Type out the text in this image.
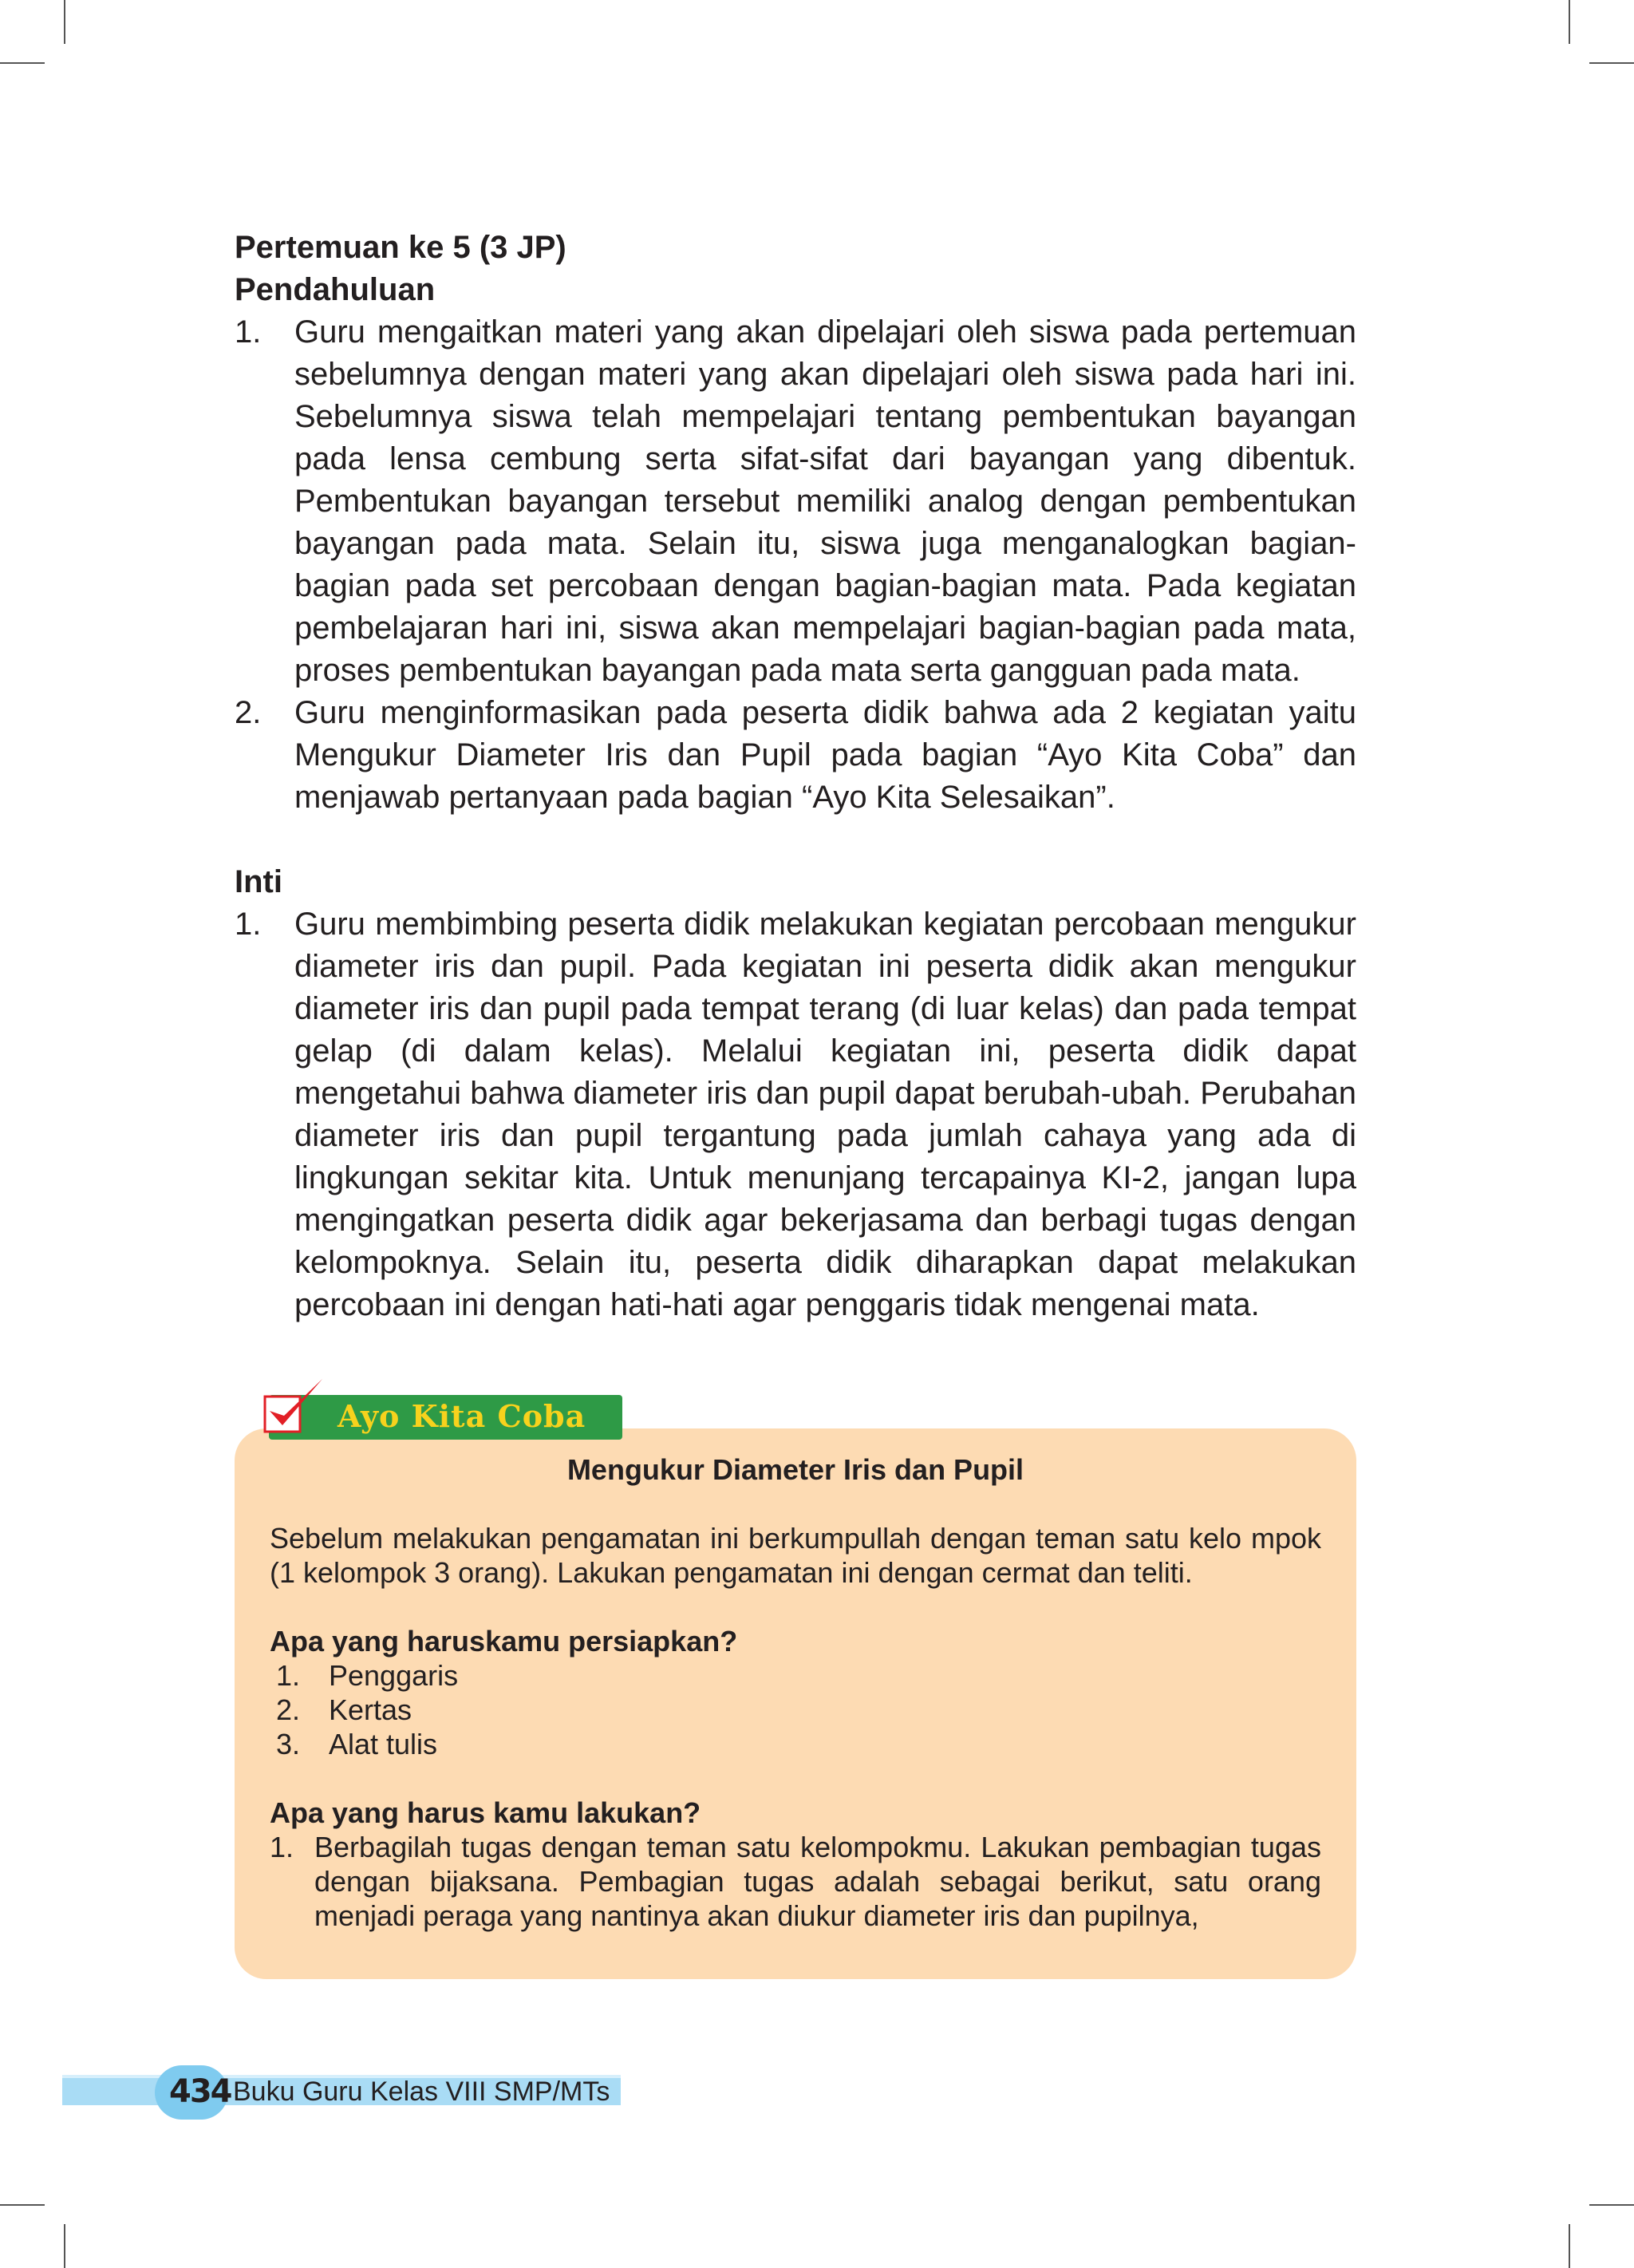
Pertemuan ke 5 (3 JP)
Pendahuluan
1. Guru mengaitkan materi yang akan dipelajari oleh siswa pada pertemuan sebelumnya dengan materi yang akan dipelajari oleh siswa pada hari ini. Sebelumnya siswa telah mempelajari tentang pembentukan bayangan pada lensa cembung serta sifat-sifat dari bayangan yang dibentuk. Pembentukan bayangan tersebut memiliki analog dengan pembentukan bayangan pada mata. Selain itu, siswa juga menganalogkan bagian-bagian pada set percobaan dengan bagian-bagian mata. Pada kegiatan pembelajaran hari ini, siswa akan mempelajari bagian-bagian pada mata, proses pembentukan bayangan pada mata serta gangguan pada mata.
2. Guru menginformasikan pada peserta didik bahwa ada 2 kegiatan yaitu Mengukur Diameter Iris dan Pupil pada bagian “Ayo Kita Coba” dan menjawab pertanyaan pada bagian “Ayo Kita Selesaikan”.
Inti
1. Guru membimbing peserta didik melakukan kegiatan percobaan mengukur diameter iris dan pupil. Pada kegiatan ini peserta didik akan mengukur diameter iris dan pupil pada tempat terang (di luar kelas) dan pada tempat gelap (di dalam kelas). Melalui kegiatan ini, peserta didik dapat mengetahui bahwa diameter iris dan pupil dapat berubah-ubah. Perubahan diameter iris dan pupil tergantung pada jumlah cahaya yang ada di lingkungan sekitar kita. Untuk menunjang tercapainya KI-2, jangan lupa mengingatkan peserta didik agar bekerjasama dan berbagi tugas dengan kelompoknya. Selain itu, peserta didik diharapkan dapat melakukan percobaan ini dengan hati-hati agar penggaris tidak mengenai mata.
Mengukur Diameter Iris dan Pupil
Sebelum melakukan pengamatan ini berkumpullah dengan teman satu kelo mpok (1 kelompok 3 orang). Lakukan pengamatan ini dengan cermat dan teliti.
Apa yang haruskamu persiapkan?
1. Penggaris
2. Kertas
3. Alat tulis
Apa yang harus kamu lakukan?
1. Berbagilah tugas dengan teman satu kelompokmu. Lakukan pembagian tugas dengan bijaksana. Pembagian tugas adalah sebagai berikut, satu orang menjadi peraga yang nantinya akan diukur diameter iris dan pupilnya,
Ayo Kita Coba
434 Buku Guru Kelas VIII SMP/MTs
